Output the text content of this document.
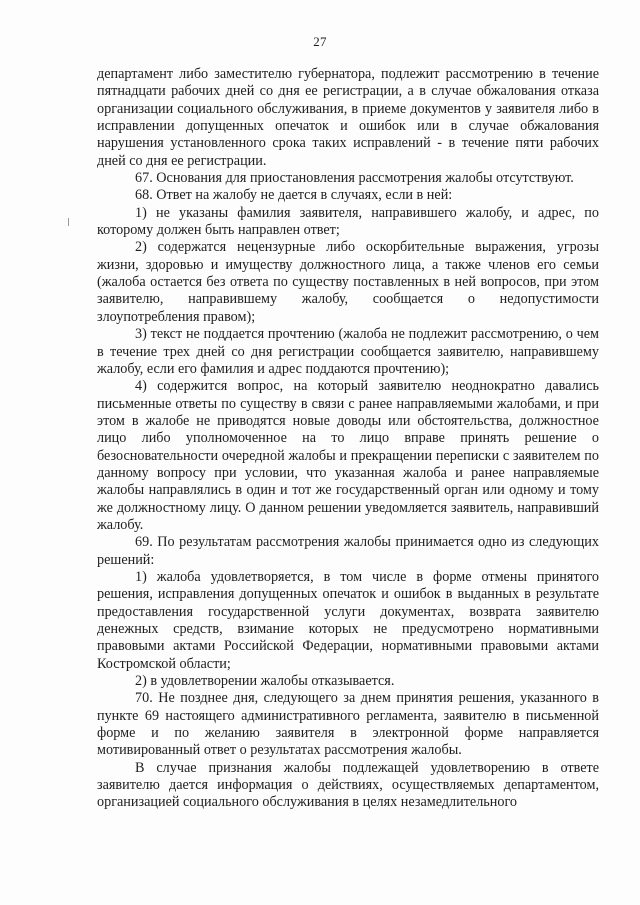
27

департамент либо заместителю губернатора, подлежит рассмотрению в течение пятнадцати рабочих дней со дня ее регистрации, а в случае обжалования отказа организации социального обслуживания, в приеме документов у заявителя либо в исправлении допущенных опечаток и ошибок или в случае обжалования нарушения установленного срока таких исправлений - в течение пяти рабочих дней со дня ее регистрации.

67. Основания для приостановления рассмотрения жалобы отсутствуют.

68. Ответ на жалобу не дается в случаях, если в ней:

1) не указаны фамилия заявителя, направившего жалобу, и адрес, по которому должен быть направлен ответ;

2) содержатся нецензурные либо оскорбительные выражения, угрозы жизни, здоровью и имуществу должностного лица, а также членов его семьи (жалоба остается без ответа по существу поставленных в ней вопросов, при этом заявителю, направившему жалобу, сообщается о недопустимости злоупотребления правом);

3) текст не поддается прочтению (жалоба не подлежит рассмотрению, о чем в течение трех дней со дня регистрации сообщается заявителю, направившему жалобу, если его фамилия и адрес поддаются прочтению);

4) содержится вопрос, на который заявителю неоднократно давались письменные ответы по существу в связи с ранее направляемыми жалобами, и при этом в жалобе не приводятся новые доводы или обстоятельства, должностное лицо либо уполномоченное на то лицо вправе принять решение о безосновательности очередной жалобы и прекращении переписки с заявителем по данному вопросу при условии, что указанная жалоба и ранее направляемые жалобы направлялись в один и тот же государственный орган или одному и тому же должностному лицу. О данном решении уведомляется заявитель, направивший жалобу.

69. По результатам рассмотрения жалобы принимается одно из следующих решений:

1) жалоба удовлетворяется, в том числе в форме отмены принятого решения, исправления допущенных опечаток и ошибок в выданных в результате предоставления государственной услуги документах, возврата заявителю денежных средств, взимание которых не предусмотрено нормативными правовыми актами Российской Федерации, нормативными правовыми актами Костромской области;

2) в удовлетворении жалобы отказывается.

70. Не позднее дня, следующего за днем принятия решения, указанного в пункте 69 настоящего административного регламента, заявителю в письменной форме и по желанию заявителя в электронной форме направляется мотивированный ответ о результатах рассмотрения жалобы.

В случае признания жалобы подлежащей удовлетворению в ответе заявителю дается информация о действиях, осуществляемых департаментом, организацией социального обслуживания в целях незамедлительного
